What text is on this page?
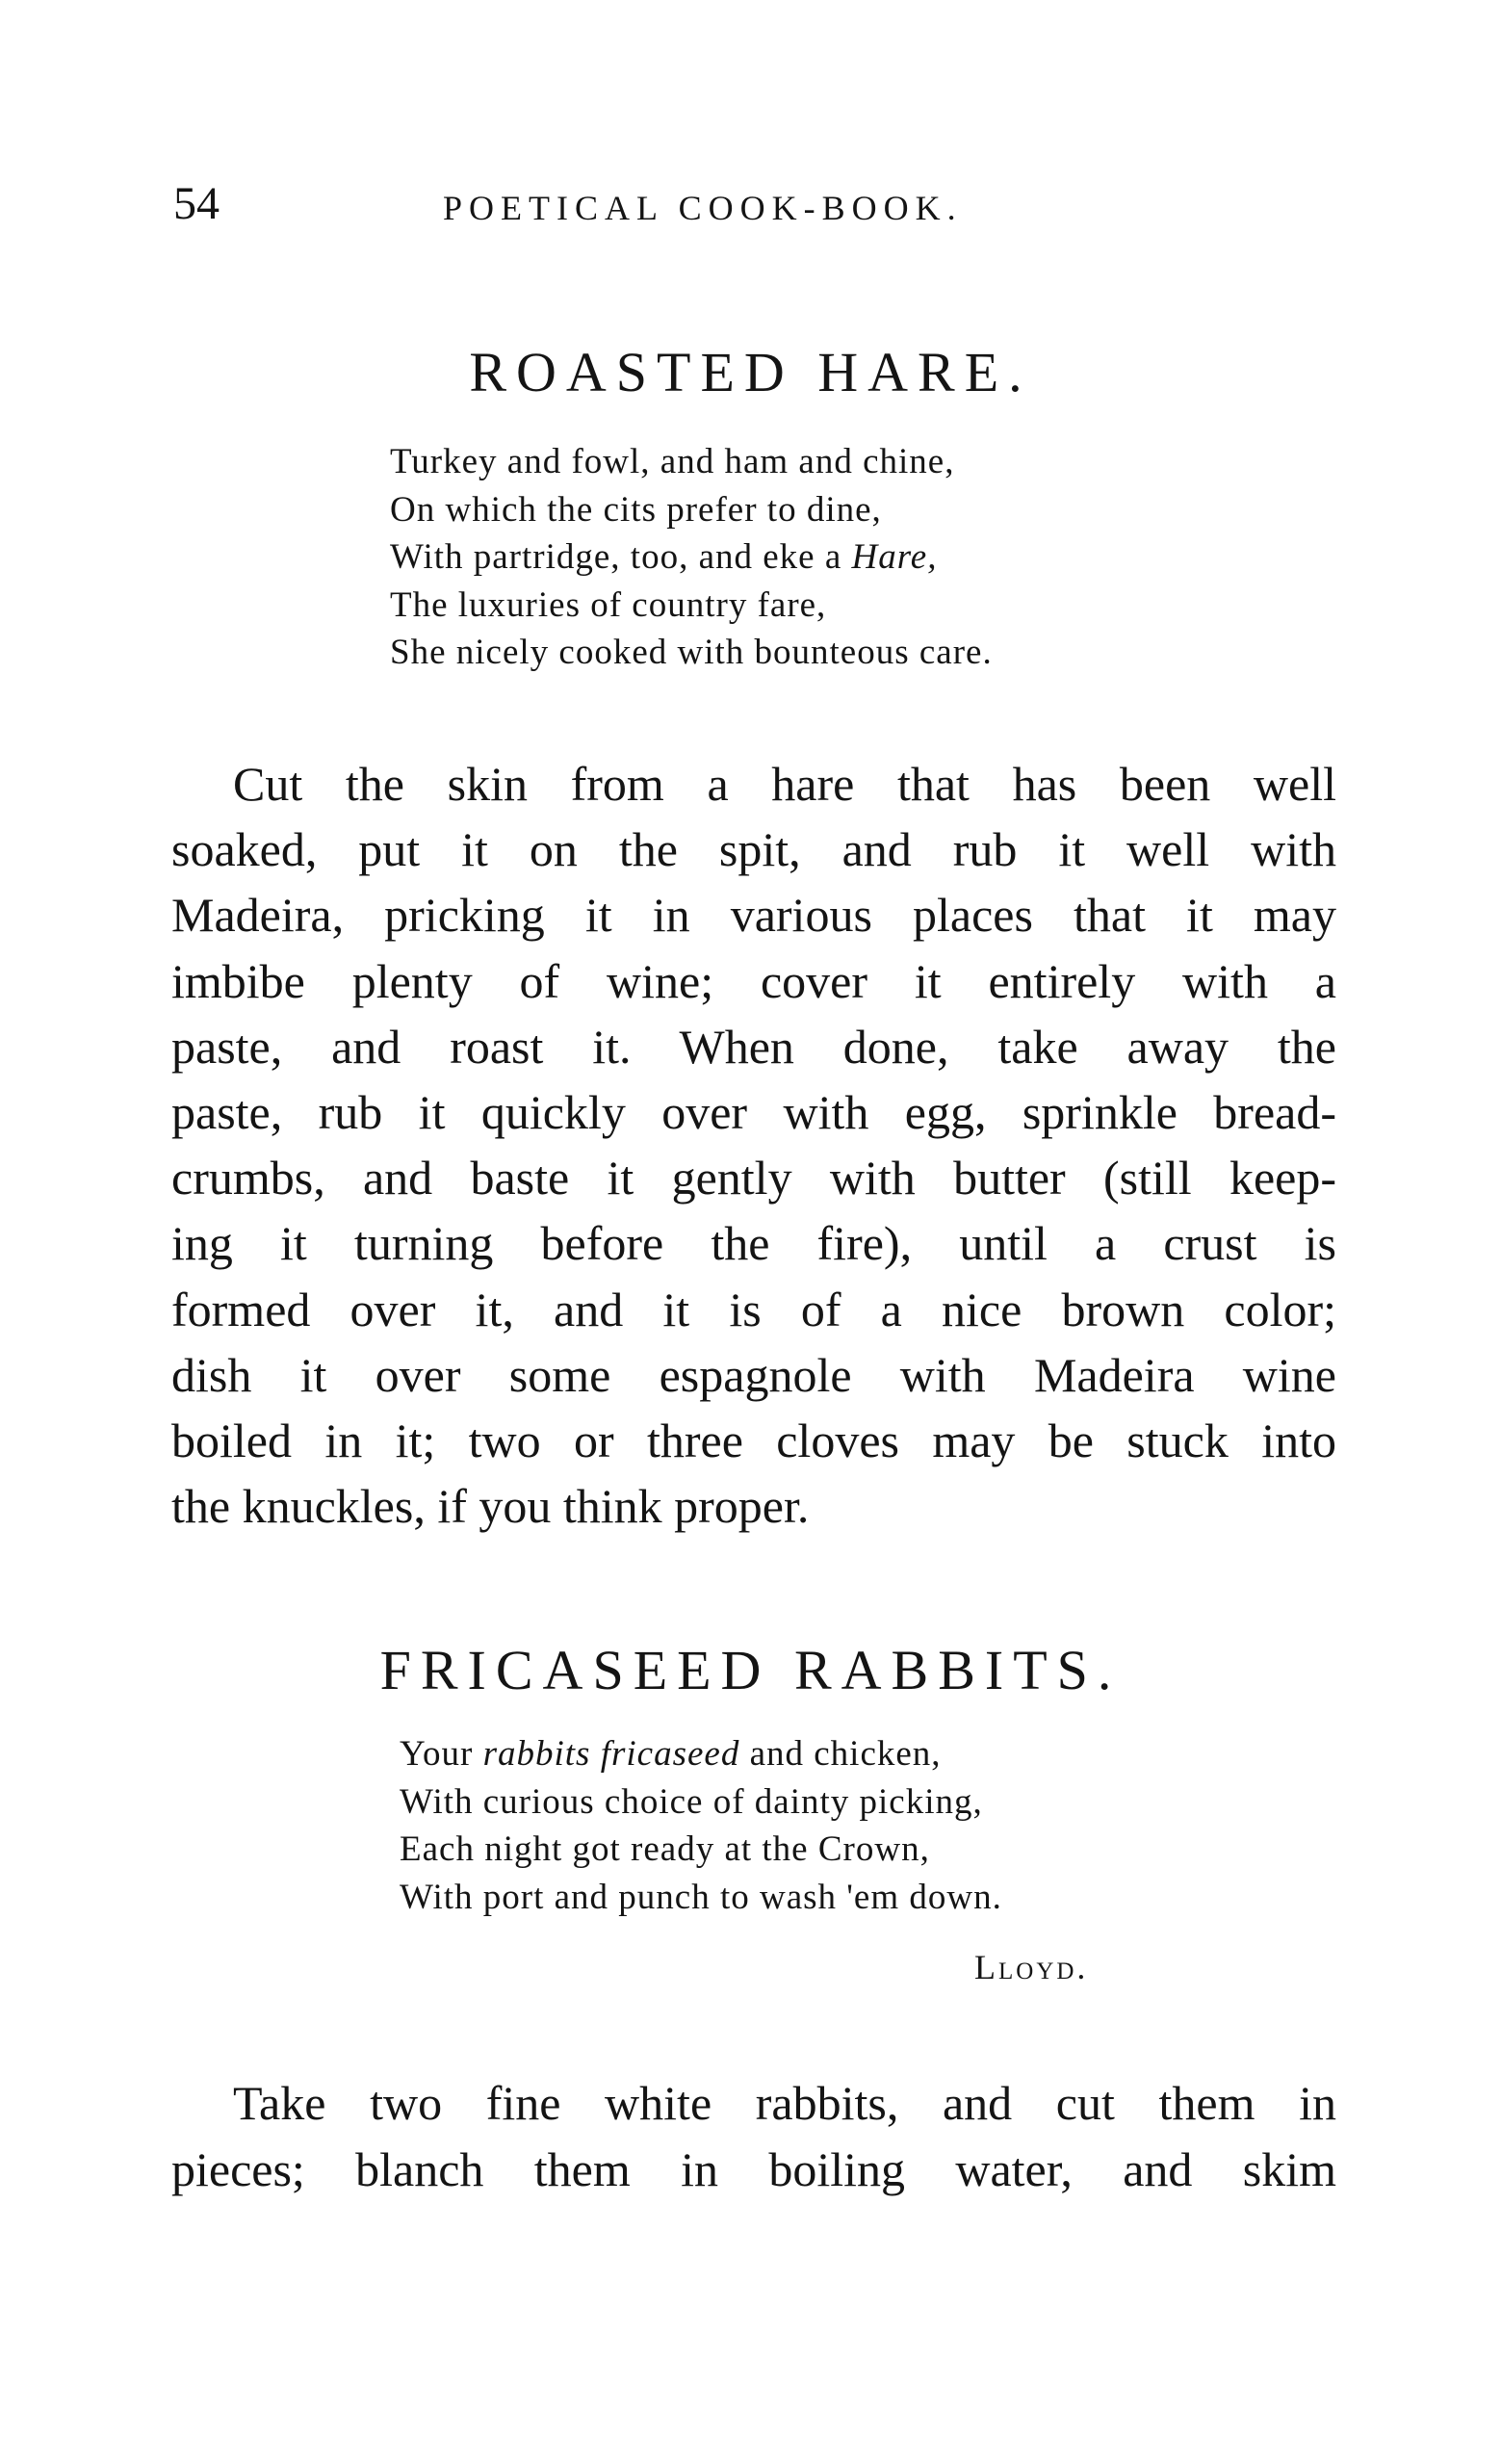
54	POETICAL COOK-BOOK.
ROASTED HARE.
Turkey and fowl, and ham and chine,
On which the cits prefer to dine,
With partridge, too, and eke a Hare,
The luxuries of country fare,
She nicely cooked with bounteous care.
Cut the skin from a hare that has been well
soaked, put it on the spit, and rub it well with
Madeira, pricking it in various places that it may
imbibe plenty of wine; cover it entirely with a
paste, and roast it. When done, take away the
paste, rub it quickly over with egg, sprinkle bread-
crumbs, and baste it gently with butter (still keep-
ing it turning before the fire), until a crust is
formed over it, and it is of a nice brown color;
dish it over some espagnole with Madeira wine
boiled in it; two or three cloves may be stuck into
the knuckles, if you think proper.
FRICASEED RABBITS.
Your rabbits fricaseed and chicken,
With curious choice of dainty picking,
Each night got ready at the Crown,
With port and punch to wash 'em down.
Lloyd.
Take two fine white rabbits, and cut them in
pieces; blanch them in boiling water, and skim
